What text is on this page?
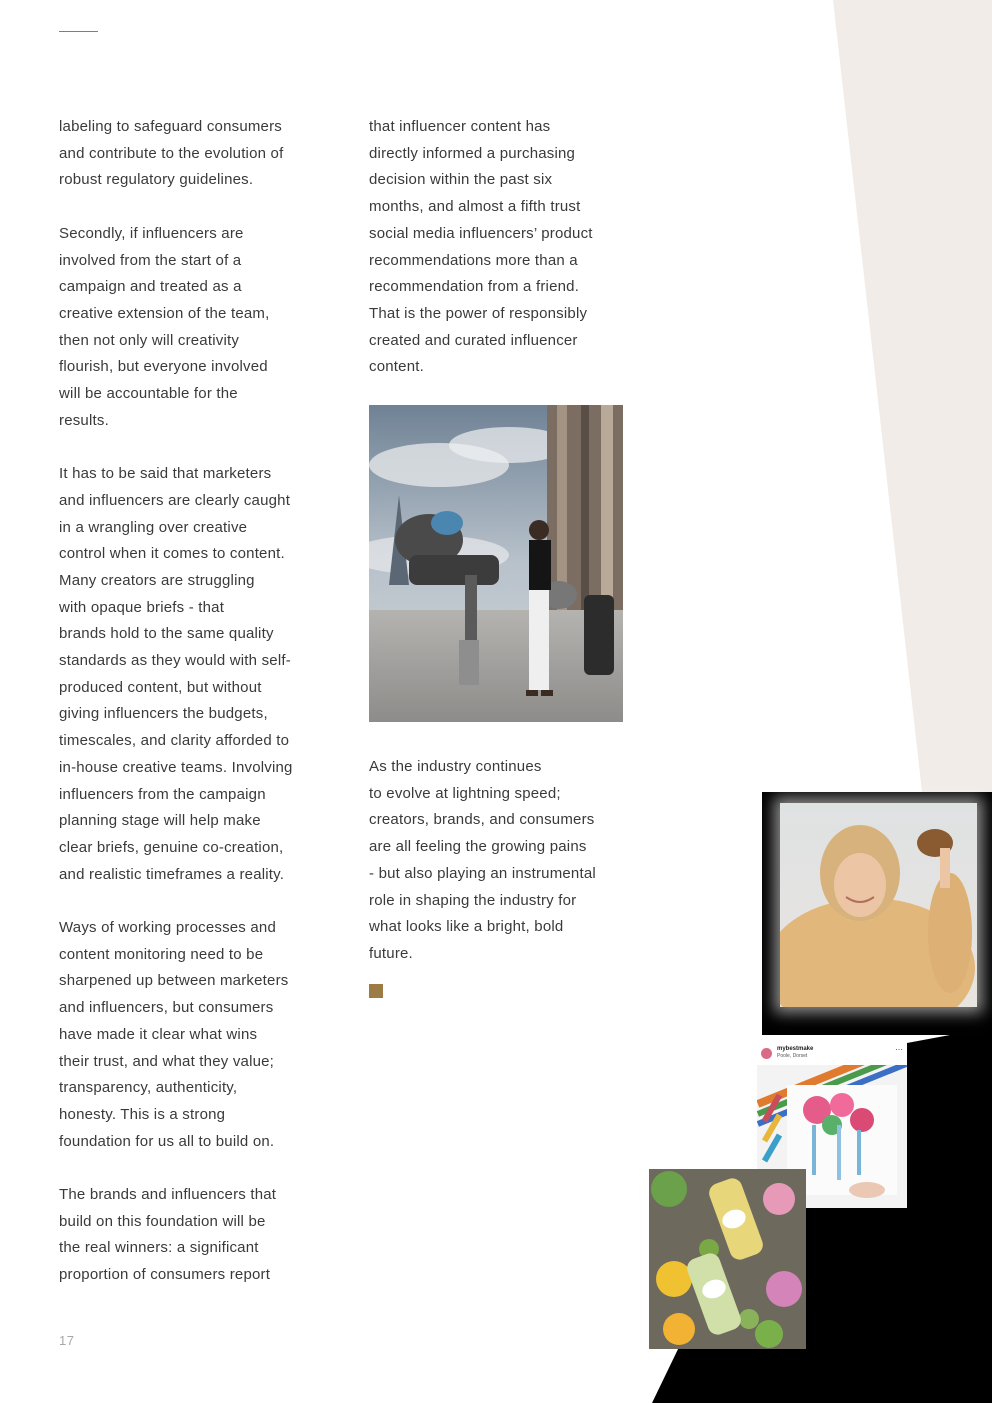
labeling to safeguard consumers
and contribute to the evolution of
robust regulatory guidelines.

Secondly, if influencers are
involved from the start of a
campaign and treated as a
creative extension of the team,
then not only will creativity
flourish, but everyone involved
will be accountable for the
results.

It has to be said that marketers
and influencers are clearly caught
in a wrangling over creative
control when it comes to content.
Many creators are struggling
with opaque briefs - that
brands hold to the same quality
standards as they would with self-
produced content, but without
giving influencers the budgets,
timescales, and clarity afforded to
in-house creative teams. Involving
influencers from the campaign
planning stage will help make
clear briefs, genuine co-creation,
and realistic timeframes a reality.

Ways of working processes and
content monitoring need to be
sharpened up between marketers
and influencers, but consumers
have made it clear what wins
their trust, and what they value;
transparency, authenticity,
honesty. This is a strong
foundation for us all to build on.

The brands and influencers that
build on this foundation will be
the real winners: a significant
proportion of consumers report

that influencer content has
directly informed a purchasing
decision within the past six
months, and almost a fifth trust
social media influencers’ product
recommendations more than a
recommendation from a friend.
That is the power of responsibly
created and curated influencer
content.

As the industry continues
to evolve at lightning speed;
creators, brands, and consumers
are all feeling the growing pains
- but also playing an instrumental
role in shaping the industry for
what looks like a bright, bold
future.

mybestmake
Poole, Dorset
···
17
